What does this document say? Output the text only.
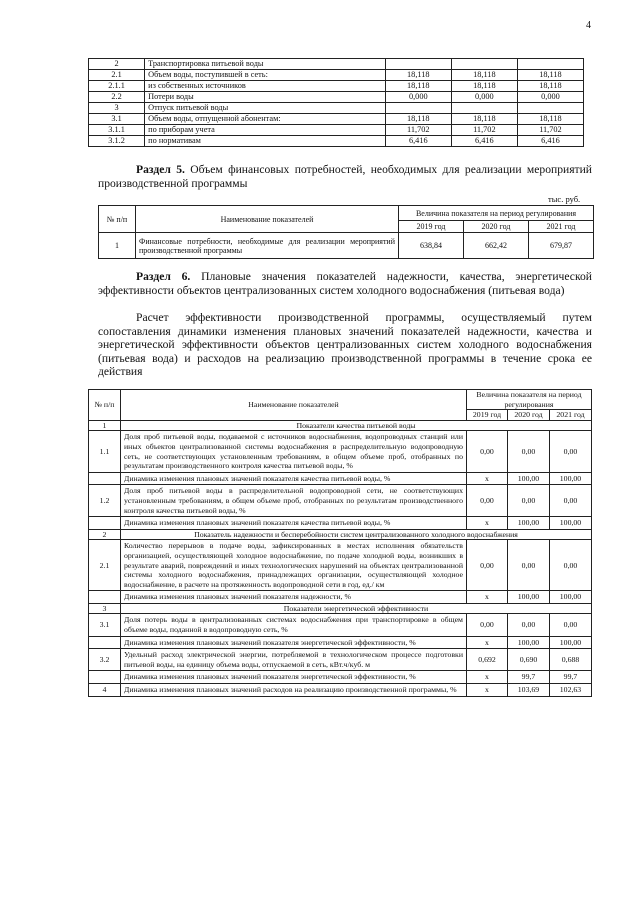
4
2	Транспортировка питьевой воды			
2.1	Объем воды, поступившей в сеть:	18,118	18,118	18,118
2.1.1	из собственных источников	18,118	18,118	18,118
2.2	Потери воды	0,000	0,000	0,000
3	Отпуск питьевой воды			
3.1	Объем воды, отпущенной абонентам:	18,118	18,118	18,118
3.1.1	по приборам учета	11,702	11,702	11,702
3.1.2	по нормативам	6,416	6,416	6,416
Раздел 5. Объем финансовых потребностей, необходимых для реализации мероприятий производственной программы
тыс. руб.
№ п/п	Наименование показателей	Величина показателя на период регулирования		
		2019 год	2020 год	2021 год
1	Финансовые потребности, необходимые для реализации мероприятий производственной программы	638,84	662,42	679,87
Раздел 6. Плановые значения показателей надежности, качества, энергетической эффективности объектов централизованных систем холодного водоснабжения (питьевая вода)
Расчет эффективности производственной программы, осуществляемый путем сопоставления динамики изменения плановых значений показателей надежности, качества и энергетической эффективности объектов централизованных систем холодного водоснабжения (питьевая вода) и расходов на реализацию производственной программы в течение срока ее действия
№ п/п	Наименование показателей	Величина показателя на период регулирования		
		2019 год	2020 год	2021 год
1	Показатели качества питьевой воды			
1.1	Доля проб питьевой воды, подаваемой с источников водоснабжения, водопроводных станций или иных объектов централизованной системы водоснабжения в распределительную водопроводную сеть, не соответствующих установленным требованиям, в общем объеме проб, отобранных по результатам производственного контроля качества питьевой воды, %	0,00	0,00	0,00
	Динамика изменения плановых значений показателя качества питьевой воды, %	x	100,00	100,00
1.2	Доля проб питьевой воды в распределительной водопроводной сети, не соответствующих установленным требованиям, в общем объеме проб, отобранных по результатам производственного контроля качества питьевой воды, %	0,00	0,00	0,00
	Динамика изменения плановых значений показателя качества питьевой воды, %	x	100,00	100,00
2	Показатель надежности и бесперебойности систем централизованного холодного водоснабжения			
2.1	Количество перерывов в подаче воды, зафиксированных в местах исполнения обязательств организацией, осуществляющей холодное водоснабжение, по подаче холодной воды, возникших в результате аварий, повреждений и иных технологических нарушений на объектах централизованной системы холодного водоснабжения, принадлежащих организации, осуществляющей холодное водоснабжение, в расчете на протяженность водопроводной сети в год, ед./ км	0,00	0,00	0,00
	Динамика изменения плановых значений показателя надежности, %	x	100,00	100,00
3	Показатели энергетической эффективности			
3.1	Доля потерь воды в централизованных системах водоснабжения при транспортировке в общем объеме воды, поданной в водопроводную сеть, %	0,00	0,00	0,00
	Динамика изменения плановых значений показателя энергетической эффективности, %	x	100,00	100,00
3.2	Удельный расход электрической энергии, потребляемой в технологическом процессе подготовки питьевой воды, на единицу объема воды, отпускаемой в сеть, кВт.ч/куб. м	0,692	0,690	0,688
	Динамика изменения плановых значений показателя энергетической эффективности, %	x	99,7	99,7
4	Динамика изменения плановых значений расходов на реализацию производственной программы, %	x	103,69	102,63
